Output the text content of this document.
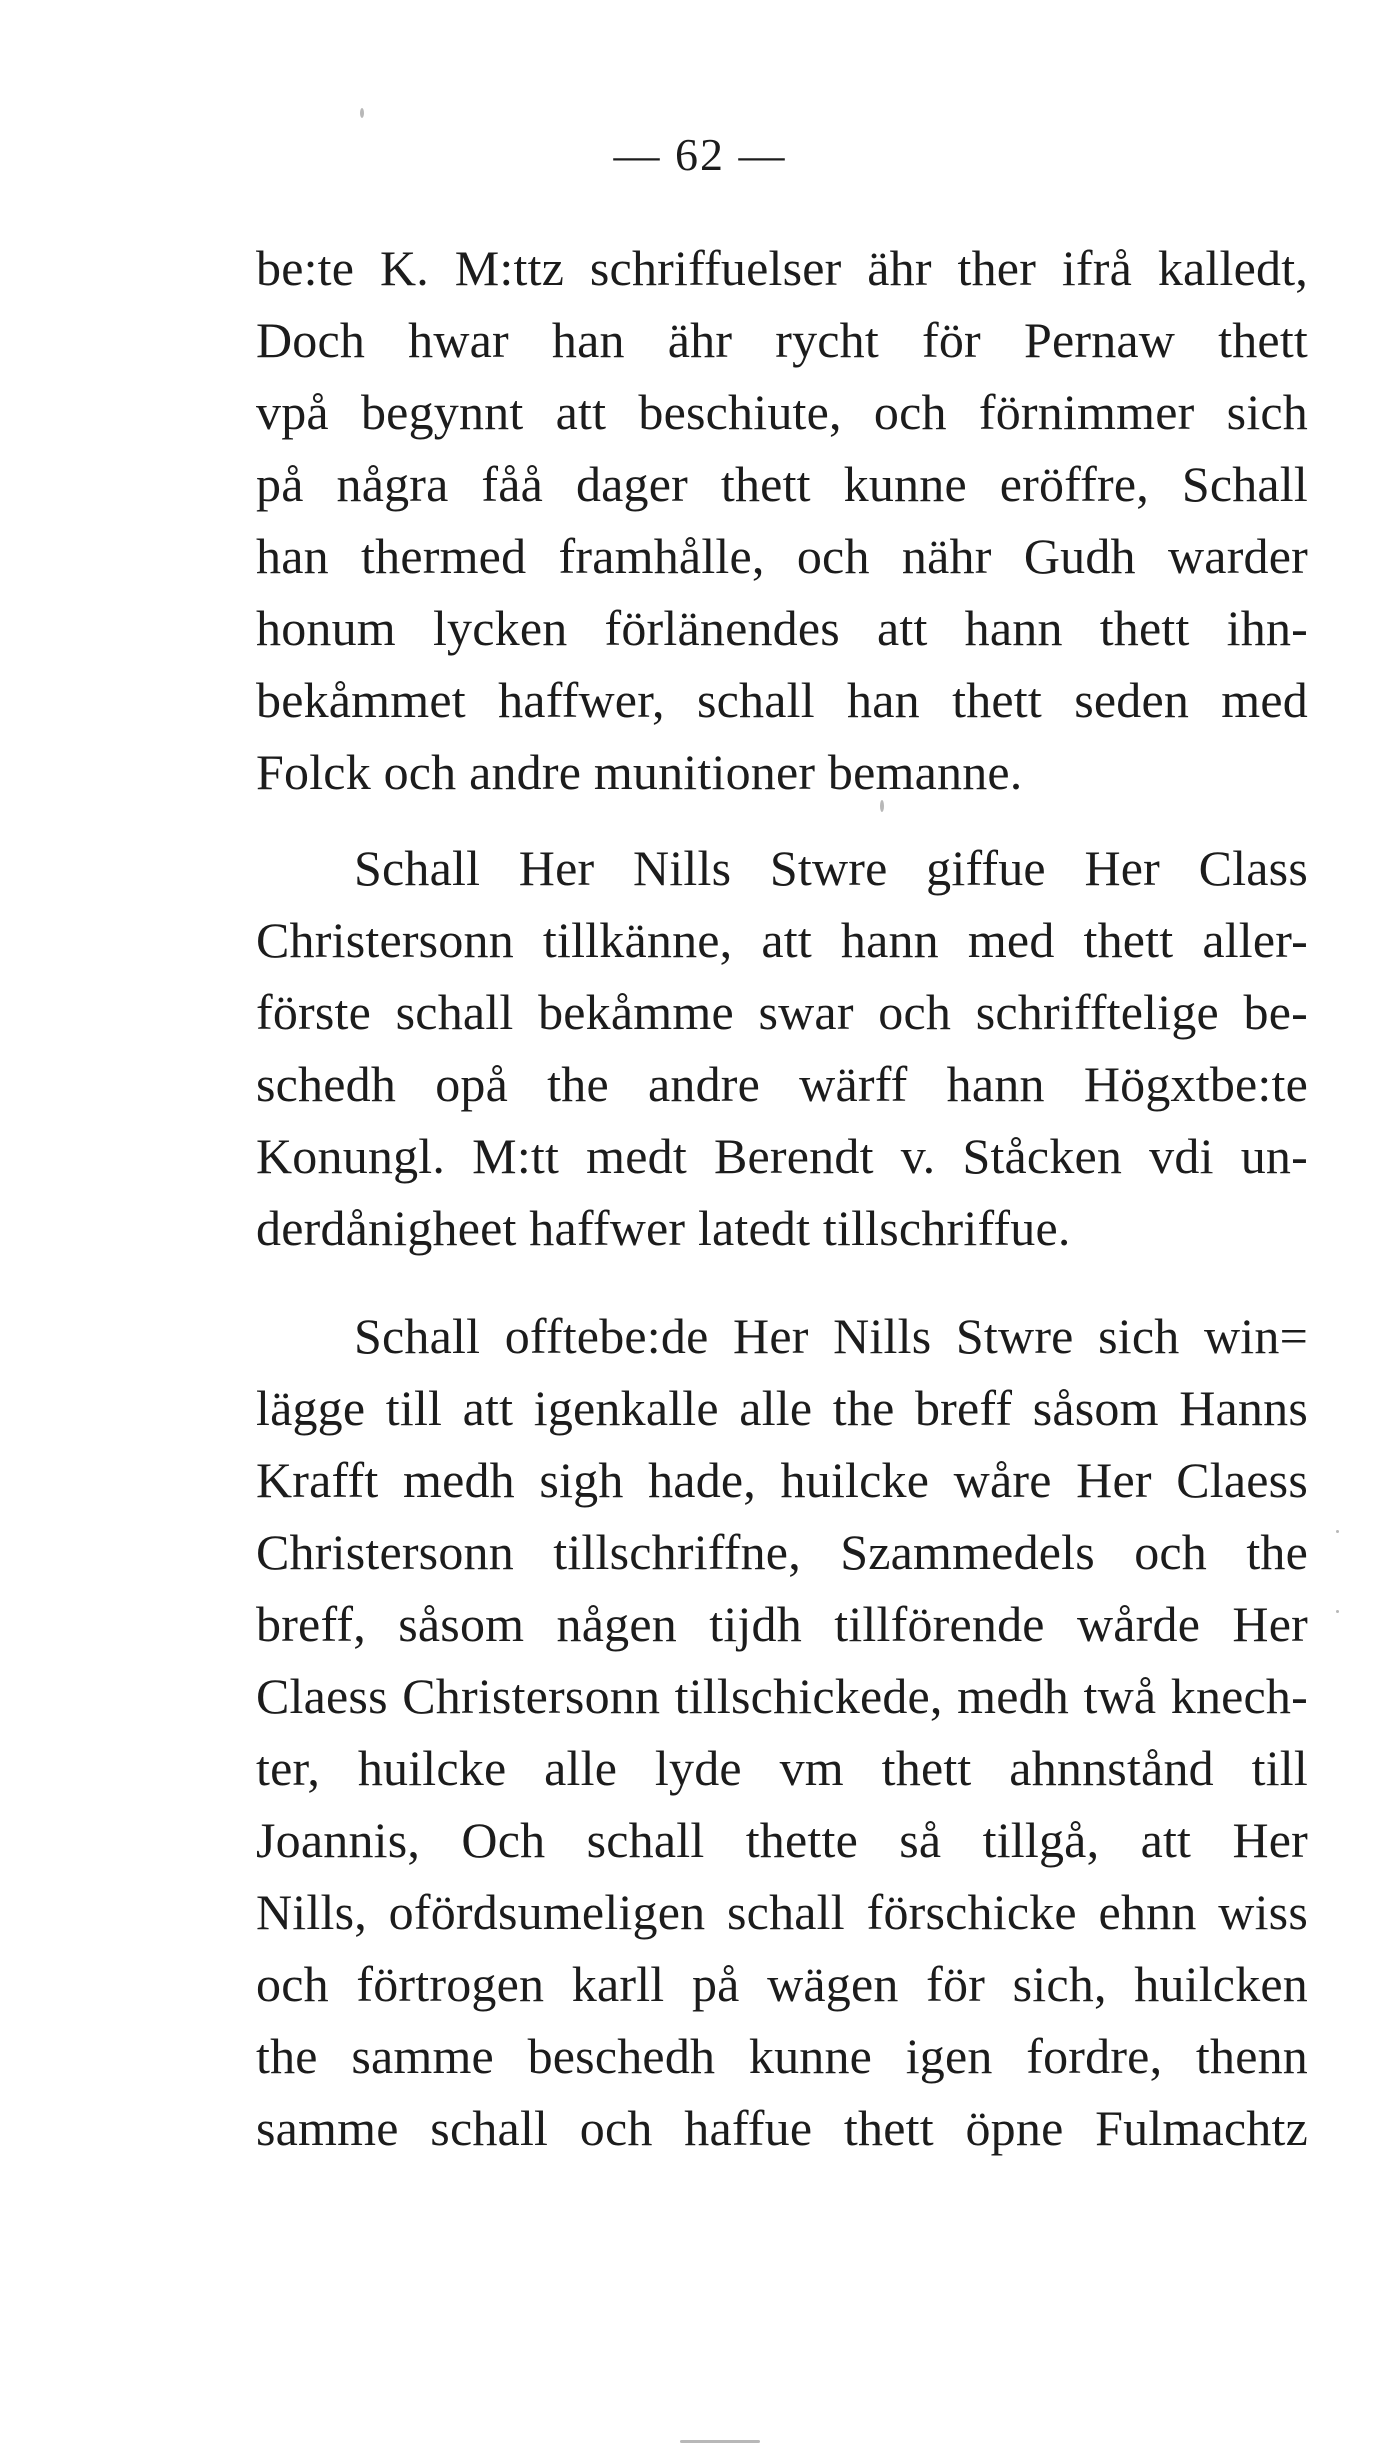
— 62 —
be:te K. M:ttz schriffuelser ähr ther ifrå kalledt,
Doch hwar han ähr rycht för Pernaw thett
vpå begynnt att beschiute, och förnimmer sich
på några fåå dager thett kunne eröffre, Schall
han thermed framhålle, och nähr Gudh warder
honum lycken förlänendes att hann thett ihn-
bekåmmet haffwer, schall han thett seden med
Folck och andre munitioner bemanne.
Schall Her Nills Stwre giffue Her Class
Christersonn tillkänne, att hann med thett aller-
förste schall bekåmme swar och schrifftelige be-
schedh opå the andre wärff hann Högxtbe:te
Konungl. M:tt medt Berendt v. Ståcken vdi un-
derdånigheet haffwer latedt tillschriffue.
Schall offtebe:de Her Nills Stwre sich win=
lägge till att igenkalle alle the breff såsom Hanns
Krafft medh sigh hade, huilcke wåre Her Claess
Christersonn tillschriffne, Szammedels och the
breff, såsom någen tijdh tillförende wårde Her
Claess Christersonn tillschickede, medh twå knech-
ter, huilcke alle lyde vm thett ahnnstånd till
Joannis, Och schall thette så tillgå, att Her
Nills, ofördsumeligen schall förschicke ehnn wiss
och förtrogen karll på wägen för sich, huilcken
the samme beschedh kunne igen fordre, thenn
samme schall och haffue thett öpne Fulmachtz
